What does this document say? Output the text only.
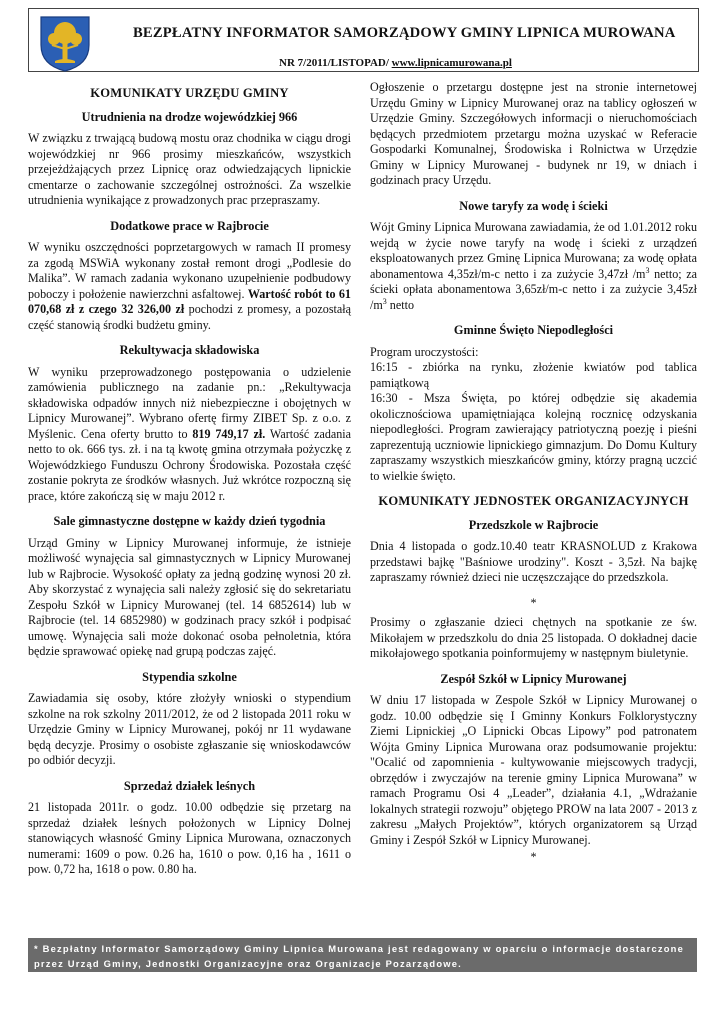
BEZPŁATNY INFORMATOR SAMORZĄDOWY GMINY LIPNICA MUROWANA
NR 7/2011/LISTOPAD/ www.lipnicamurowana.pl
KOMUNIKATY URZĘDU GMINY
Utrudnienia na drodze wojewódzkiej 966

W związku z trwającą budową mostu oraz chodnika w ciągu drogi wojewódzkiej nr 966 prosimy mieszkańców, wszystkich przejeżdżających przez Lipnicę oraz odwiedzających lipnickie cmentarze o zachowanie szczególnej ostrożności. Za wszelkie utrudnienia wynikające z prowadzonych prac przepraszamy.

Dodatkowe prace w Rajbrocie

W wyniku oszczędności poprzetargowych w ramach II promesy za zgodą MSWiA wykonany został remont drogi „Podlesie do Malika”. W ramach zadania wykonano uzupełnienie podbudowy poboczy i położenie nawierzchni asfaltowej. Wartość robót to 61 070,68 zł z czego 32 326,00 zł pochodzi z promesy, a pozostałą część stanowią środki budżetu gminy.

Rekultywacja składowiska

W wyniku przeprowadzonego postępowania o udzielenie zamówienia publicznego na zadanie pn.: „Rekultywacja składowiska odpadów innych niż niebezpieczne i obojętnych w Lipnicy Murowanej”. Wybrano ofertę firmy ZIBET Sp. z o.o. z Myślenic. Cena oferty brutto to 819 749,17 zł. Wartość zadania netto to ok. 666 tys. zł. i na tą kwotę gmina otrzymała pożyczkę z Wojewódzkiego Funduszu Ochrony Środowiska. Pozostała część zostanie pokryta ze środków własnych. Już wkrótce rozpoczną się prace, które zakończą się w maju 2012 r.

Sale gimnastyczne dostępne w każdy dzień tygodnia

Urząd Gminy w Lipnicy Murowanej informuje, że istnieje możliwość wynajęcia sal gimnastycznych w Lipnicy Murowanej lub w Rajbrocie. Wysokość opłaty za jedną godzinę wynosi 20 zł. Aby skorzystać z wynajęcia sali należy zgłosić się do sekretariatu Zespołu Szkół w Lipnicy Murowanej (tel. 14 6852614) lub w Rajbrocie (tel. 14 6852980) w godzinach pracy szkół i podpisać umowę. Wynajęcia sali może dokonać osoba pełnoletnia, która będzie sprawować opiekę nad grupą podczas zajęć.

Stypendia szkolne

Zawiadamia się osoby, które złożyły wnioski o stypendium szkolne na rok szkolny 2011/2012, że od 2 listopada 2011 roku w Urzędzie Gminy w Lipnicy Murowanej, pokój nr 11 wydawane będą decyzje. Prosimy o osobiste zgłaszanie się wnioskodawców po odbiór decyzji.

Sprzedaż działek leśnych

21 listopada 2011r. o godz. 10.00 odbędzie się przetarg na sprzedaż działek leśnych położonych w Lipnicy Dolnej stanowiących własność Gminy Lipnica Murowana, oznaczonych numerami: 1609 o pow. 0.26 ha, 1610 o pow. 0,16 ha , 1611 o pow. 0,72 ha, 1618 o pow. 0.80 ha.

Ogłoszenie o przetargu dostępne jest na stronie internetowej Urzędu Gminy w Lipnicy Murowanej oraz na tablicy ogłoszeń w Urzędzie Gminy. Szczegółowych informacji o nieruchomościach będących przedmiotem przetargu można uzyskać w Referacie Gospodarki Komunalnej, Środowiska i Rolnictwa w Urzędzie Gminy w Lipnicy Murowanej - budynek nr 19, w dniach i godzinach pracy Urzędu.

Nowe taryfy za wodę i ścieki

Wójt Gminy Lipnica Murowana zawiadamia, że od 1.01.2012 roku wejdą w życie nowe taryfy na wodę i ścieki z urządzeń eksploatowanych przez Gminę Lipnica Murowana; za wodę opłata abonamentowa 4,35zł/m-c netto i za zużycie 3,47zł $/m^3$ netto; za ścieki opłata abonamentowa 3,65zł/m-c netto i za zużycie 3,45zł $/m^3$ netto

Gminne Święto Niepodległości

Program uroczystości:

16:15 - zbiórka na rynku, złożenie kwiatów pod tablica pamiątkową

16:30 - Msza Święta, po której odbędzie się akademia okolicznościowa upamiętniająca kolejną rocznicę odzyskania niepodległości. Program zawierający patriotyczną poezję i pieśni zaprezentują uczniowie lipnickiego gimnazjum. Do Domu Kultury zapraszamy wszystkich mieszkańców gminy, którzy pragną uczcić to wielkie święto.

KOMUNIKATY JEDNOSTEK ORGANIZACYJNYCH
Przedszkole w Rajbrocie

Dnia 4 listopada o godz.10.40 teatr KRASNOLUD z Krakowa przedstawi bajkę "Baśniowe urodziny". Koszt - 3,5zł. Na bajkę zapraszamy również dzieci nie uczęszczające do przedszkola.

*

Prosimy o zgłaszanie dzieci chętnych na spotkanie ze św. Mikołajem w przedszkolu do dnia 25 listopada. O dokładnej dacie mikołajowego spotkania poinformujemy w następnym biuletynie.

Zespół Szkół w Lipnicy Murowanej

W dniu 17 listopada w Zespole Szkół w Lipnicy Murowanej o godz. 10.00 odbędzie się I Gminny Konkurs Folklorystyczny Ziemi Lipnickiej „O Lipnicki Obcas Lipowy” pod patronatem Wójta Gminy Lipnica Murowana oraz podsumowanie projektu: "Ocalić od zapomnienia - kultywowanie miejscowych tradycji, obrzędów i zwyczajów na terenie gminy Lipnica Murowana” w ramach Programu Osi 4 „Leader”, działania 4.1, „Wdrażanie lokalnych strategii rozwoju” objętego PROW na lata 2007 - 2013 z zakresu „Małych Projektów”, których organizatorem są Urząd Gminy i Zespół Szkół w Lipnicy Murowanej.

*
* Bezpłatny Informator Samorządowy Gminy Lipnica Murowana jest redagowany w oparciu o informacje dostarczone przez Urząd Gminy, Jednostki Organizacyjne oraz Organizacje Pozarządowe.
